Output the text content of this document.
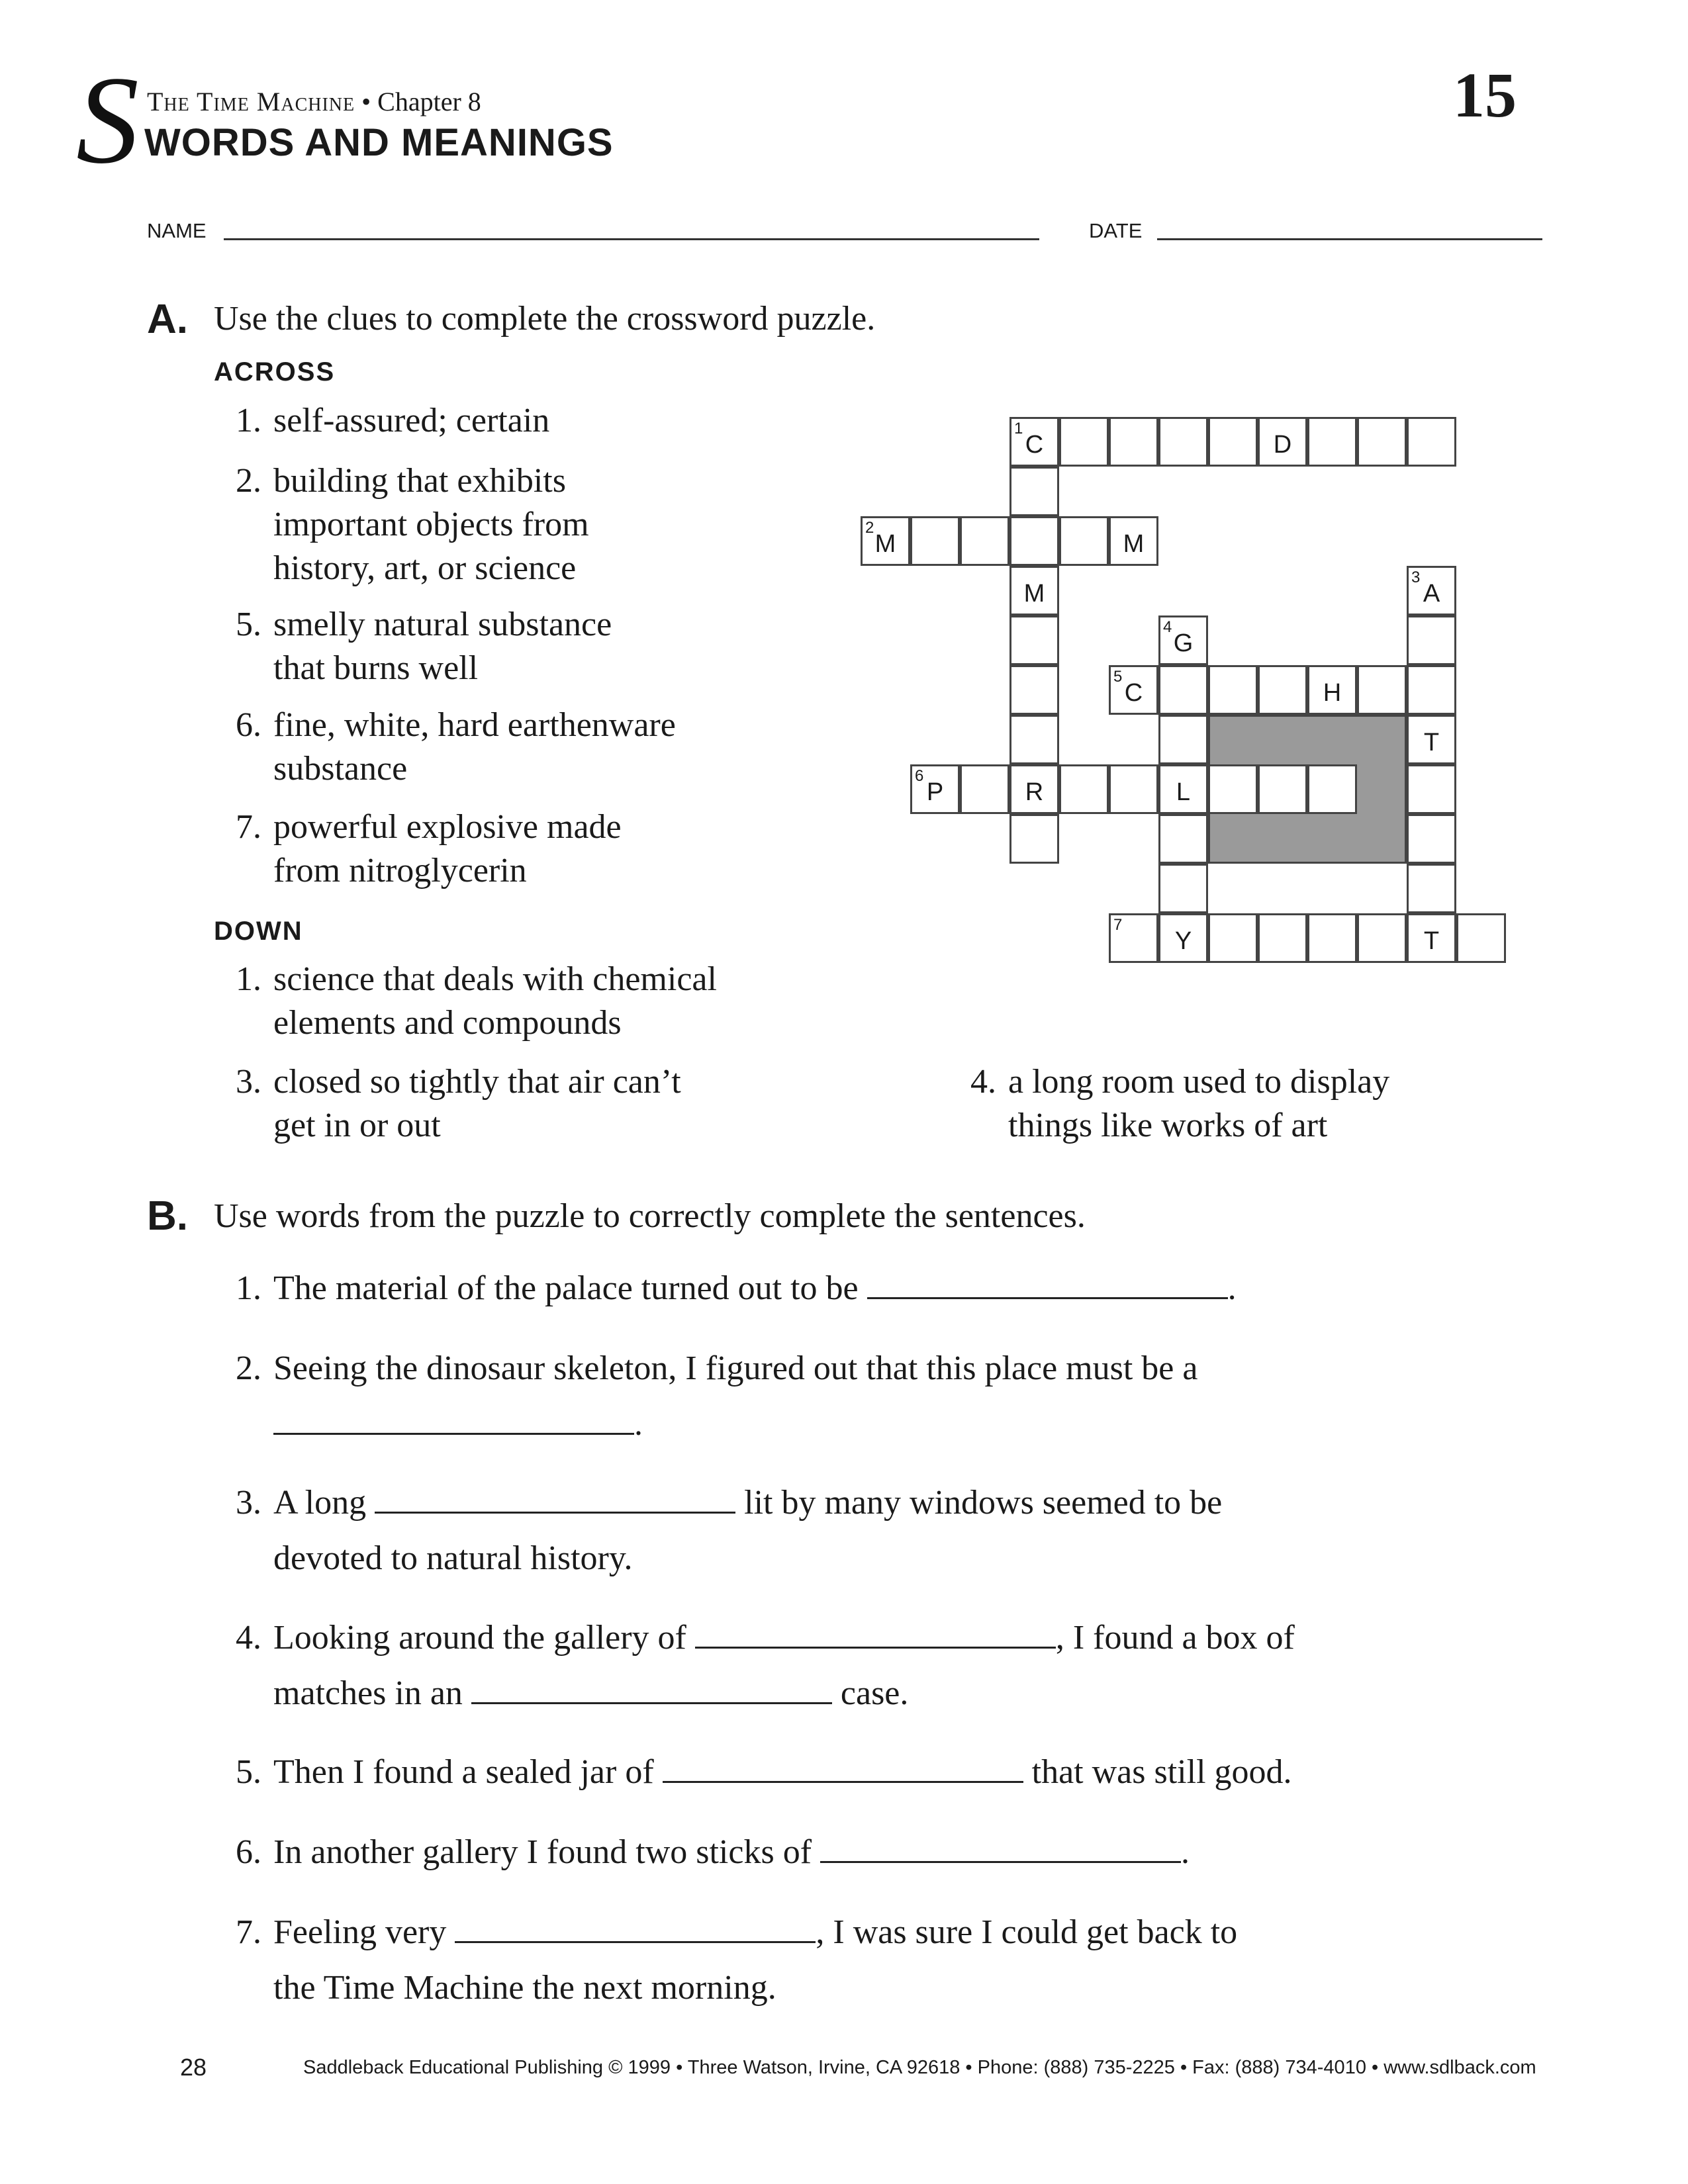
S The Time Machine • Chapter 8
WORDS AND MEANINGS
15
NAME	DATE
A. Use the clues to complete the crossword puzzle.
ACROSS
1. self-assured; certain
2. building that exhibits
important objects from
history, art, or science
5. smelly natural substance
that burns well
6. fine, white, hard earthenware
substance
7. powerful explosive made
from nitroglycerin
DOWN
1. science that deals with chemical
elements and compounds
3. closed so tightly that air can’t
get in or out
4. a long room used to display
things like works of art
1
C	D
2
M	M
M
3
A
4
G
5
C	H
T
6
P	R	L
7
Y	T
B. Use words from the puzzle to correctly complete the sentences.
1. The material of the palace turned out to be	.
2. Seeing the dinosaur skeleton, I figured out that this place must be a
.
3. A long	lit by many windows seemed to be
devoted to natural history.
4. Looking around the gallery of	, I found a box of
matches in an	case.
5. Then I found a sealed jar of	that was still good.
6. In another gallery I found two sticks of	.
7. Feeling very	, I was sure I could get back to
the Time Machine the next morning.
28	Saddleback Educational Publishing © 1999 • Three Watson, Irvine, CA 92618 • Phone: (888) 735-2225 • Fax: (888) 734-4010 • www.sdlback.com
